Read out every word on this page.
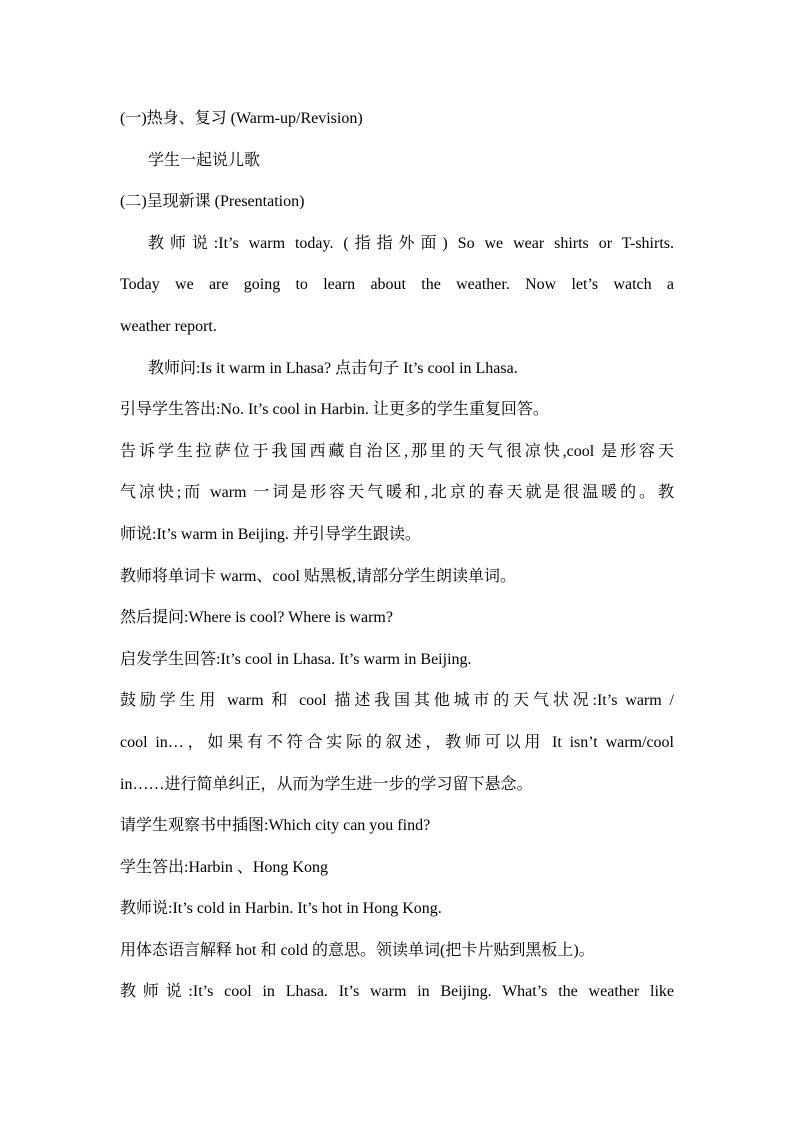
(一)热身、复习 (Warm-up/Revision)

学生一起说儿歌

(二)呈现新课 (Presentation)

教师说:It’s warm today. (指指外面) So we wear shirts or T-shirts.

Today we are going to learn about the weather. Now let’s watch a

weather report.

教师问:Is it warm in Lhasa? 点击句子 It’s cool in Lhasa.

引导学生答出:No. It’s cool in Harbin. 让更多的学生重复回答。

告诉学生拉萨位于我国西藏自治区,那里的天气很凉快,cool 是形容天

气凉快;而 warm 一词是形容天气暖和,北京的春天就是很温暖的。教

师说:It’s warm in Beijing. 并引导学生跟读。

教师将单词卡 warm、cool 贴黑板,请部分学生朗读单词。

然后提问:Where is cool? Where is warm?

启发学生回答:It’s cool in Lhasa. It’s warm in Beijing.

鼓励学生用 warm 和 cool 描述我国其他城市的天气状况:It’s warm /

cool in…，如果有不符合实际的叙述，教师可以用 It isn’t warm/cool

in……进行简单纠正，从而为学生进一步的学习留下悬念。

请学生观察书中插图:Which city can you find?

学生答出:Harbin 、Hong Kong

教师说:It’s cold in Harbin. It’s hot in Hong Kong.

用体态语言解释 hot 和 cold 的意思。领读单词(把卡片贴到黑板上)。

教师说:It’s cool in Lhasa. It’s warm in Beijing. What’s the weather like
